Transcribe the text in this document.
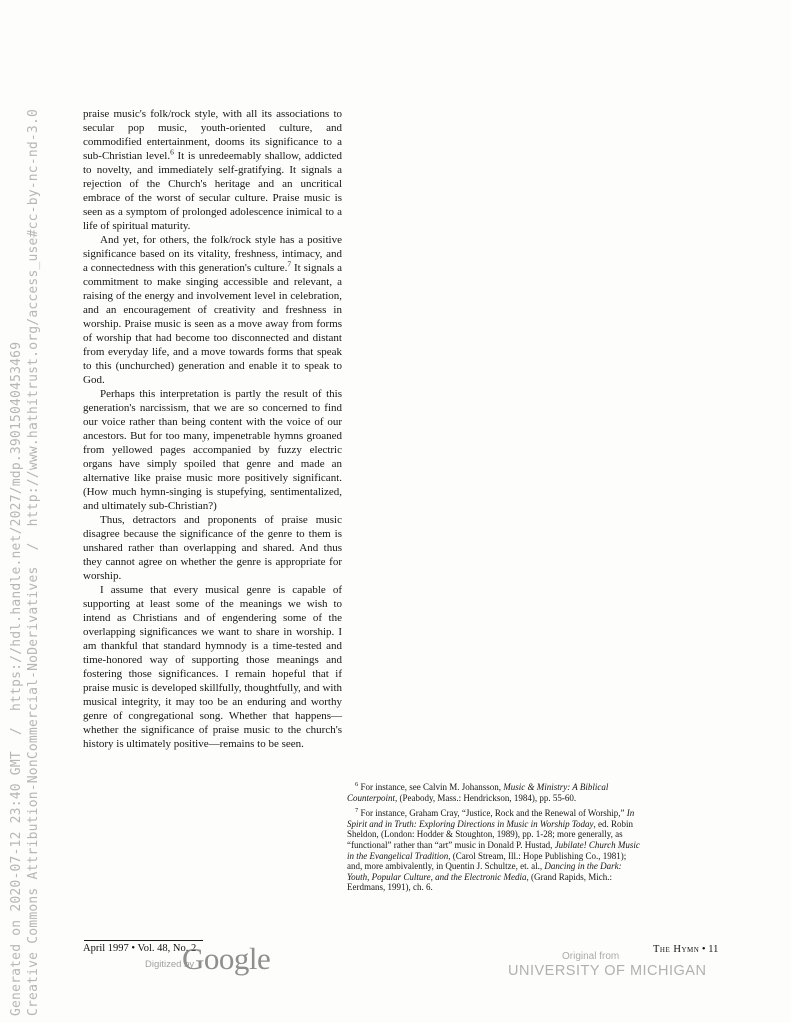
Generated on 2020-07-12 23:40 GMT  /  https://hdl.handle.net/2027/mdp.39015040453469 Creative Commons Attribution-NonCommercial-NoDerivatives  /  http://www.hathitrust.org/access_use#cc-by-nc-nd-3.0	praise music's folk/rock style, with all its associations to secular pop music, youth-oriented culture, and commodified entertainment, dooms its significance to a sub-Christian level.$^6$ It is unredeemably shallow, addicted to novelty, and immediately self-gratifying. It signals a rejection of the Church's heritage and an uncritical embrace of the worst of secular culture. Praise music is seen as a symptom of prolonged adolescence inimical to a life of spiritual maturity.

And yet, for others, the folk/rock style has a positive significance based on its vitality, freshness, intimacy, and a connectedness with this generation's culture.$^7$ It signals a commitment to make singing accessible and relevant, a raising of the energy and involvement level in celebration, and an encouragement of creativity and freshness in worship. Praise music is seen as a move away from forms of worship that had become too disconnected and distant from everyday life, and a move towards forms that speak to this (unchurched) generation and enable it to speak to God.

Perhaps this interpretation is partly the result of this generation's narcissism, that we are so concerned to find our voice rather than being content with the voice of our ancestors. But for too many, impenetrable hymns groaned from yellowed pages accompanied by fuzzy electric organs have simply spoiled that genre and made an alternative like praise music more positively significant. (How much hymn-singing is stupefying, sentimentalized, and ultimately sub-Christian?)

Thus, detractors and proponents of praise music disagree because the significance of the genre to them is unshared rather than overlapping and shared. And thus they cannot agree on whether the genre is appropriate for worship.

I assume that every musical genre is capable of supporting at least some of the meanings we wish to intend as Christians and of engendering some of the overlapping significances we want to share in worship. I am thankful that standard hymnody is a time-tested and time-honored way of supporting those meanings and fostering those significances. I remain hopeful that if praise music is developed skillfully, thoughtfully, and with musical integrity, it may too be an enduring and worthy genre of congregational song. Whether that happens—whether the significance of praise music to the church's history is ultimately positive—remains to be seen.

$^6$ For instance, see Calvin M. Johansson, Music & Ministry: A Biblical Counterpoint, (Peabody, Mass.: Hendrickson, 1984), pp. 55-60.

$^7$ For instance, Graham Cray, “Justice, Rock and the Renewal of Worship,” In Spirit and in Truth: Exploring Directions in Music in Worship Today, ed. Robin Sheldon, (London: Hodder & Stoughton, 1989), pp. 1-28; more generally, as “functional” rather than “art” music in Donald P. Hustad, Jubilate! Church Music in the Evangelical Tradition, (Carol Stream, Ill.: Hope Publishing Co., 1981); and, more ambivalently, in Quentin J. Schultze, et. al., Dancing in the Dark: Youth, Popular Culture, and the Electronic Media, (Grand Rapids, Mich.: Eerdmans, 1991), ch. 6.

April 1997 • Vol. 48, No. 2
Digitized by
Google	The Hymn • 11
Original from
UNIVERSITY OF MICHIGAN
